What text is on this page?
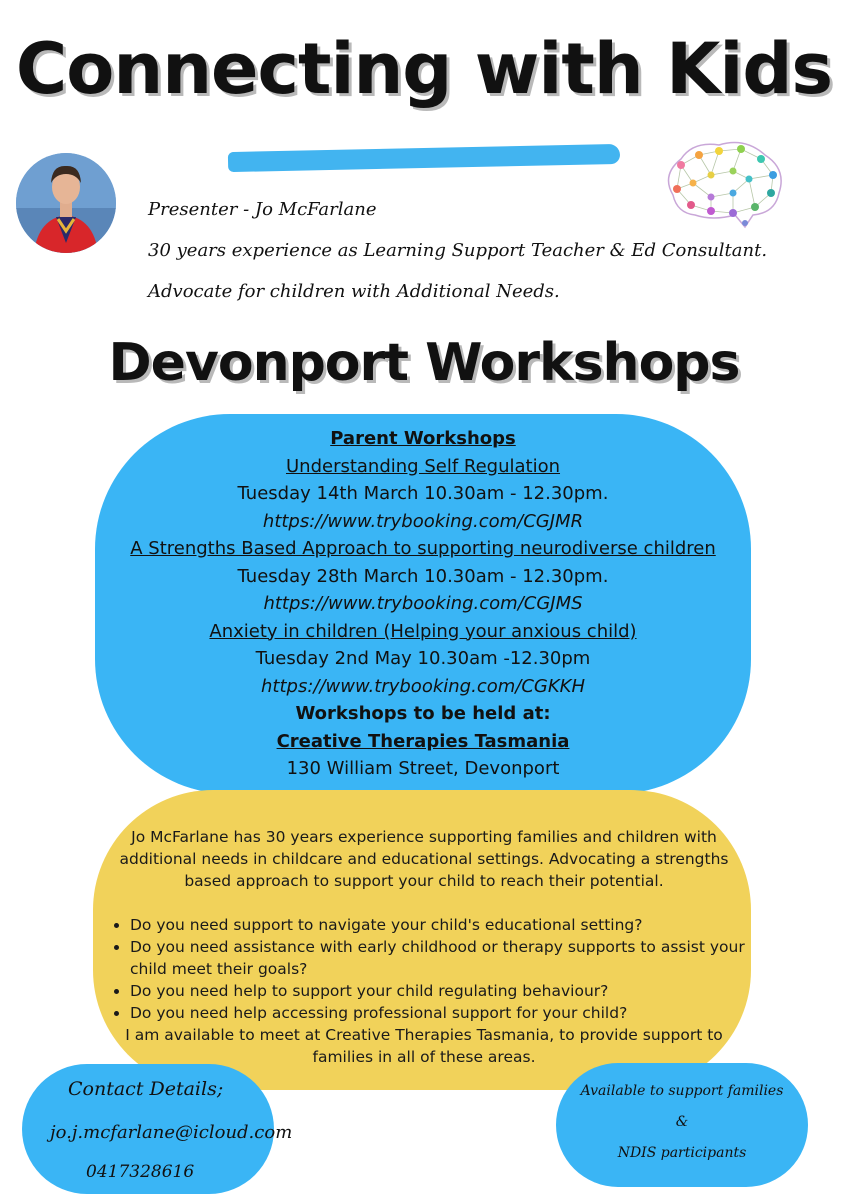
Connecting with Kids
Presenter - Jo McFarlane
30 years experience as Learning Support Teacher & Ed Consultant.
Advocate for children with Additional Needs.
Devonport Workshops
Parent Workshops
Understanding Self Regulation
Tuesday 14th March 10.30am - 12.30pm.
https://www.trybooking.com/CGJMR
A Strengths Based Approach to supporting neurodiverse children
Tuesday 28th March 10.30am - 12.30pm.
https://www.trybooking.com/CGJMS
Anxiety in children (Helping your anxious child)
Tuesday 2nd May 10.30am -12.30pm
https://www.trybooking.com/CGKKH
Workshops to be held at:
Creative Therapies Tasmania
130 William Street, Devonport
Jo McFarlane has 30 years experience supporting families and children with additional needs in childcare and educational settings. Advocating a strengths based approach to support your child to reach their potential.
• Do you need support to navigate your child's educational setting?
• Do you need assistance with early childhood or therapy supports to assist your child meet their goals?
• Do you need help to support your child regulating behaviour?
• Do you need help accessing professional support for your child?
I am available to meet at Creative Therapies Tasmania, to provide support to families in all of these areas.
Contact Details;
jo.j.mcfarlane@icloud.com
0417328616
Available to support families
&
NDIS participants
